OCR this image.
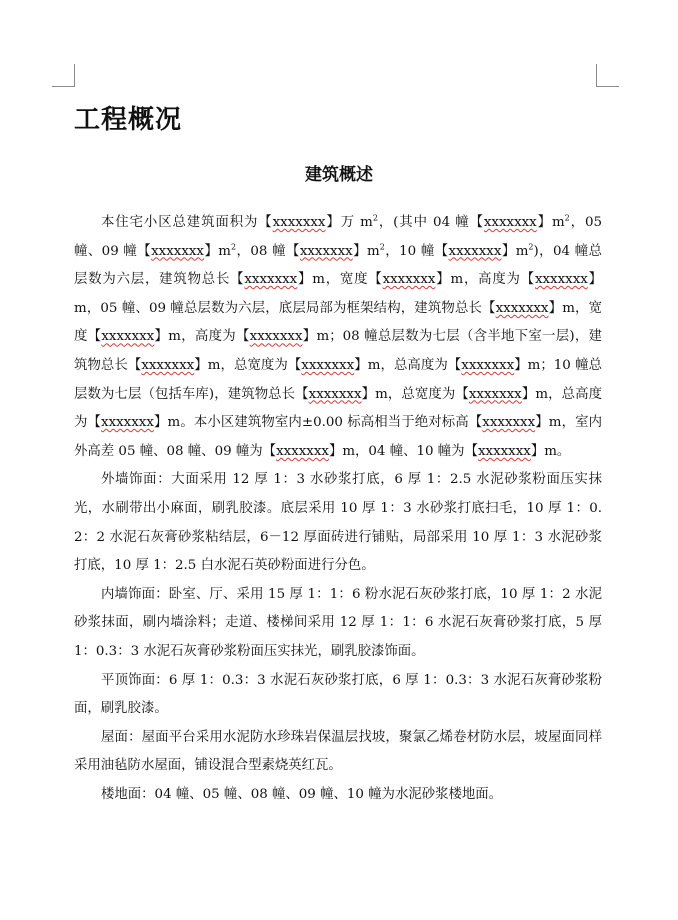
工程概况
建筑概述

本住宅小区总建筑面积为【xxxxxxx】万 $m^2$，(其中 04 幢【xxxxxxx】$m^2$，05 幢、09 幢【xxxxxxx】$m^2$，08 幢【xxxxxxx】$m^2$，10 幢【xxxxxxx】$m^2$)，04 幢总层数为六层，建筑物总长【xxxxxxx】m，宽度【xxxxxxx】m，高度为【xxxxxxx】m，05 幢、09 幢总层数为六层，底层局部为框架结构，建筑物总长【xxxxxxx】m，宽度【xxxxxxx】m，高度为【xxxxxxx】m；08 幢总层数为七层（含半地下室一层)，建筑物总长【xxxxxxx】m，总宽度为【xxxxxxx】m，总高度为【xxxxxxx】m；10 幢总层数为七层（包括车库)，建筑物总长【xxxxxxx】m，总宽度为【xxxxxxx】m，总高度为【xxxxxxx】m。本小区建筑物室内±0.00 标高相当于绝对标高【xxxxxxx】m，室内外高差 05 幢、08 幢、09 幢为【xxxxxxx】m，04 幢、10 幢为【xxxxxxx】m。

外墙饰面：大面采用 12 厚 1：3 水砂浆打底，6 厚 1：2.5 水泥砂浆粉面压实抹光，水刷带出小麻面，刷乳胶漆。底层采用 10 厚 1：3 水砂浆打底扫毛，10 厚 1：0.2：2 水泥石灰膏砂浆粘结层，6－12 厚面砖进行铺贴，局部采用 10 厚 1：3 水泥砂浆打底，10 厚 1：2.5 白水泥石英砂粉面进行分色。

内墙饰面：卧室、厅、采用 15 厚 1：1：6 粉水泥石灰砂浆打底，10 厚 1：2 水泥砂浆抹面，刷内墙涂料；走道、楼梯间采用 12 厚 1：1：6 水泥石灰膏砂浆打底，5 厚 1：0.3：3 水泥石灰膏砂浆粉面压实抹光，刷乳胶漆饰面。

平顶饰面：6 厚 1：0.3：3 水泥石灰砂浆打底，6 厚 1：0.3：3 水泥石灰膏砂浆粉面，刷乳胶漆。

屋面：屋面平台采用水泥防水珍珠岩保温层找坡，聚氯乙烯卷材防水层，坡屋面同样采用油毡防水屋面，铺设混合型素烧英红瓦。

楼地面：04 幢、05 幢、08 幢、09 幢、10 幢为水泥砂浆楼地面。
